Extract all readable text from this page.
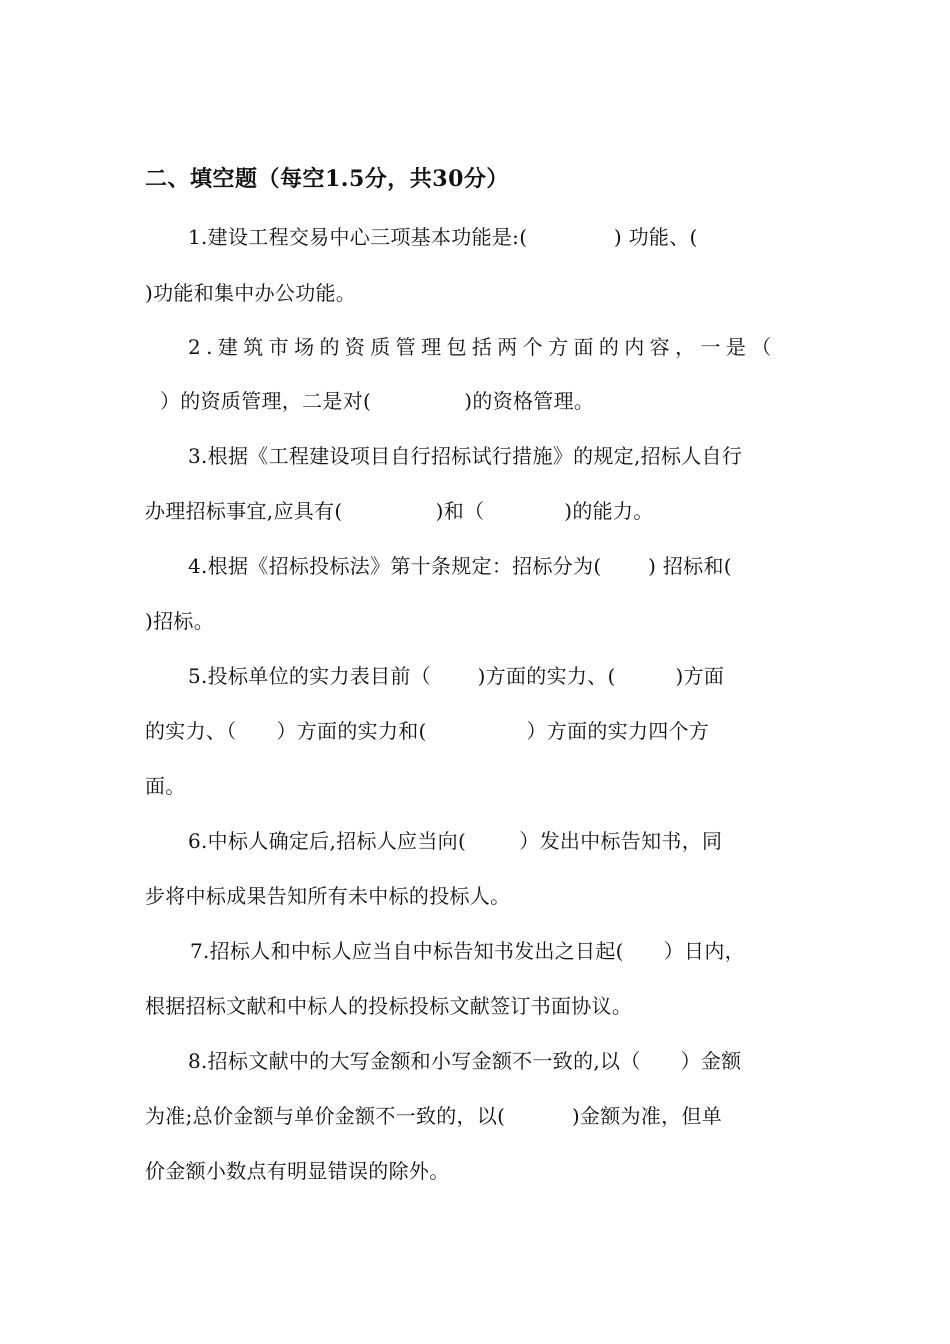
二、填空题（每空1.5分，共30分）
1.建设工程交易中心三项基本功能是:(             ) 功能、(
)功能和集中办公功能。
2.建筑市场的资质管理包括两个方面的内容，一是（
）的资质管理，二是对(              )的资格管理。
3.根据《工程建设项目自行招标试行措施》的规定,招标人自行
办理招标事宜,应具有(              )和（            )的能力。
4.根据《招标投标法》第十条规定：招标分为(       ) 招标和(
)招标。
5.投标单位的实力表目前（       )方面的实力、(         )方面
的实力、（      ）方面的实力和(               ）方面的实力四个方
面。
6.中标人确定后,招标人应当向(        ）发出中标告知书，同
步将中标成果告知所有未中标的投标人。
7.招标人和中标人应当自中标告知书发出之日起(      ）日内，
根据招标文献和中标人的投标投标文献签订书面协议。
8.招标文献中的大写金额和小写金额不一致的,以（      ）金额
为准;总价金额与单价金额不一致的，以(          )金额为准，但单
价金额小数点有明显错误的除外。
